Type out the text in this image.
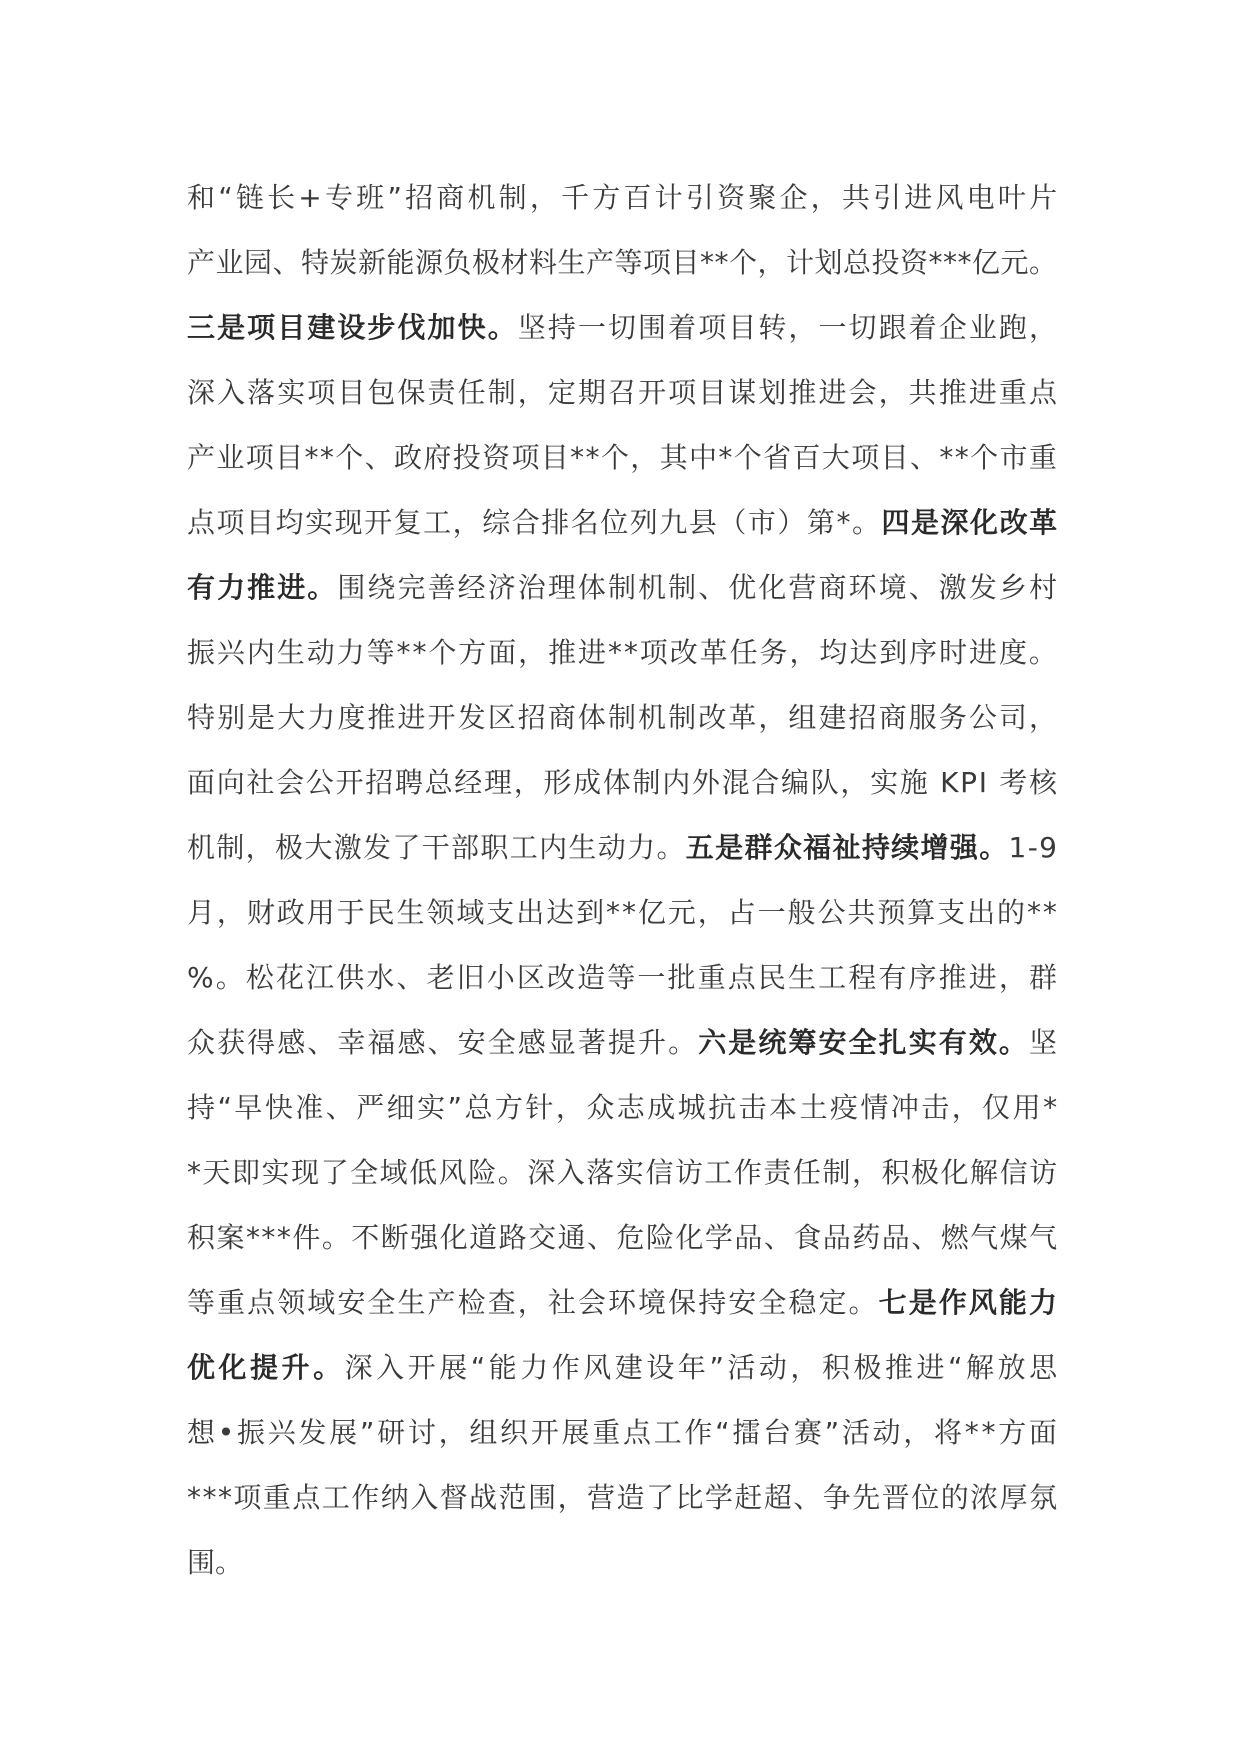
和“链长+专班”招商机制，千方百计引资聚企，共引进风电叶片
产业园、特炭新能源负极材料生产等项目**个，计划总投资***亿元。
三是项目建设步伐加快。坚持一切围着项目转，一切跟着企业跑，
深入落实项目包保责任制，定期召开项目谋划推进会，共推进重点
产业项目**个、政府投资项目**个，其中*个省百大项目、**个市重
点项目均实现开复工，综合排名位列九县（市）第*。四是深化改革
有力推进。围绕完善经济治理体制机制、优化营商环境、激发乡村
振兴内生动力等**个方面，推进**项改革任务，均达到序时进度。
特别是大力度推进开发区招商体制机制改革，组建招商服务公司，
面向社会公开招聘总经理，形成体制内外混合编队，实施 KPI 考核
机制，极大激发了干部职工内生动力。五是群众福祉持续增强。1-9
月，财政用于民生领域支出达到**亿元，占一般公共预算支出的**
%。松花江供水、老旧小区改造等一批重点民生工程有序推进，群
众获得感、幸福感、安全感显著提升。六是统筹安全扎实有效。坚
持“早快准、严细实”总方针，众志成城抗击本土疫情冲击，仅用*
*天即实现了全域低风险。深入落实信访工作责任制，积极化解信访
积案***件。不断强化道路交通、危险化学品、食品药品、燃气煤气
等重点领域安全生产检查，社会环境保持安全稳定。七是作风能力
优化提升。深入开展“能力作风建设年”活动，积极推进“解放思
想•振兴发展”研讨，组织开展重点工作“擂台赛”活动，将**方面
***项重点工作纳入督战范围，营造了比学赶超、争先晋位的浓厚氛
围。
